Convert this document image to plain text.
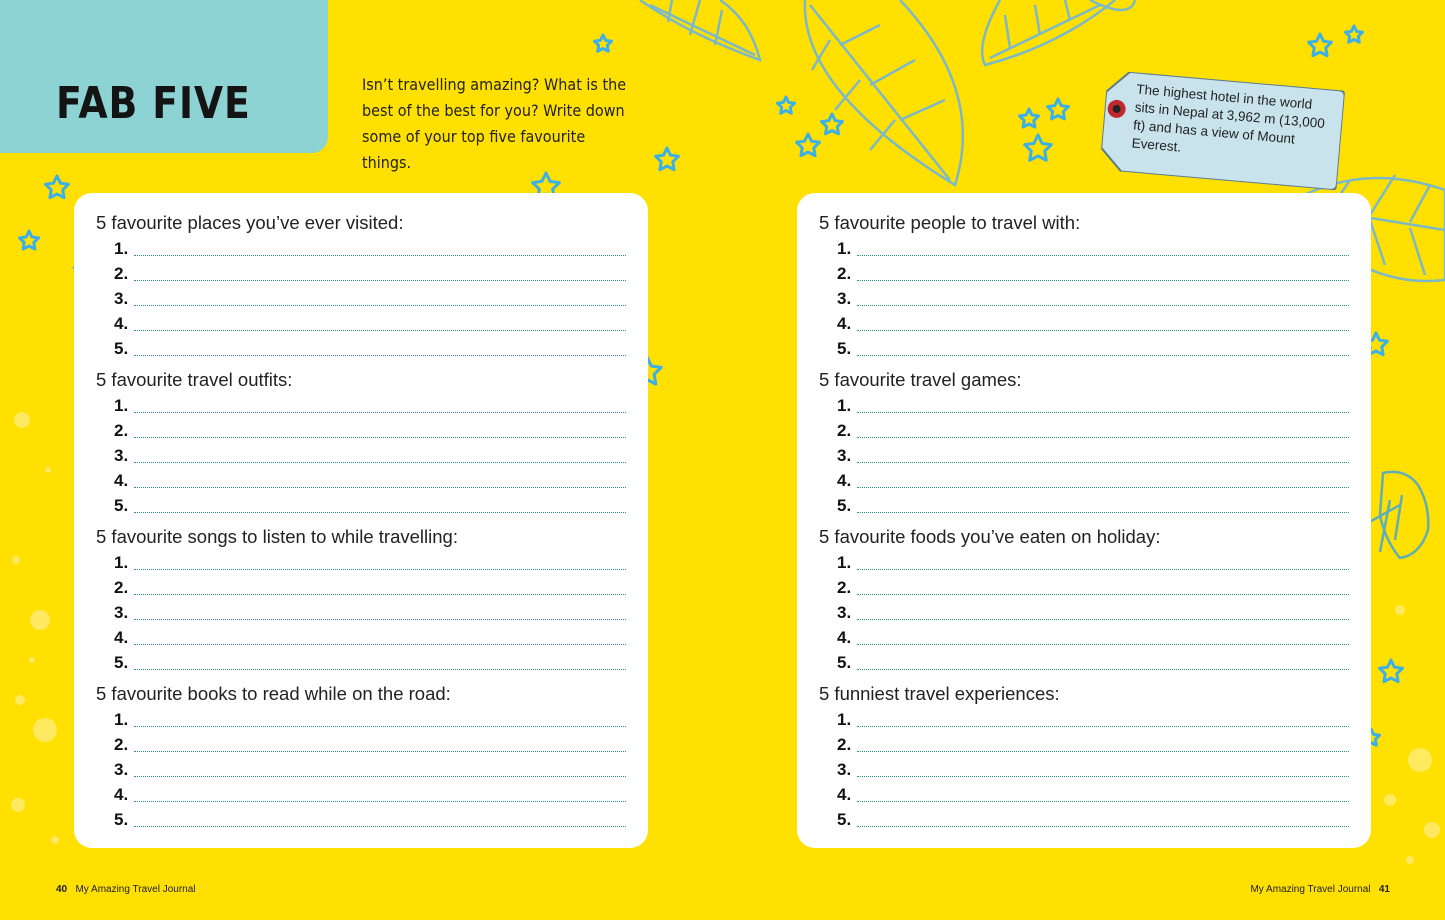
FAB FIVE	Isn’t travelling amazing? What is the best of the best for you? Write down some of your top five favourite things.
The highest hotel in the world sits in Nepal at 3,962 m (13,000 ft) and has a view of Mount Everest.
5 favourite places you’ve ever visited:
1.
2.
3.
4.
5.
5 favourite travel outfits:
1.
2.
3.
4.
5.
5 favourite songs to listen to while travelling:
1.
2.
3.
4.
5.
5 favourite books to read while on the road:
1.
2.
3.
4.
5.
5 favourite people to travel with:
1.
2.
3.
4.
5.
5 favourite travel games:
1.
2.
3.
4.
5.
5 favourite foods you’ve eaten on holiday:
1.
2.
3.
4.
5.
5 funniest travel experiences:
1.
2.
3.
4.
5.
40 My Amazing Travel Journal	My Amazing Travel Journal 41
